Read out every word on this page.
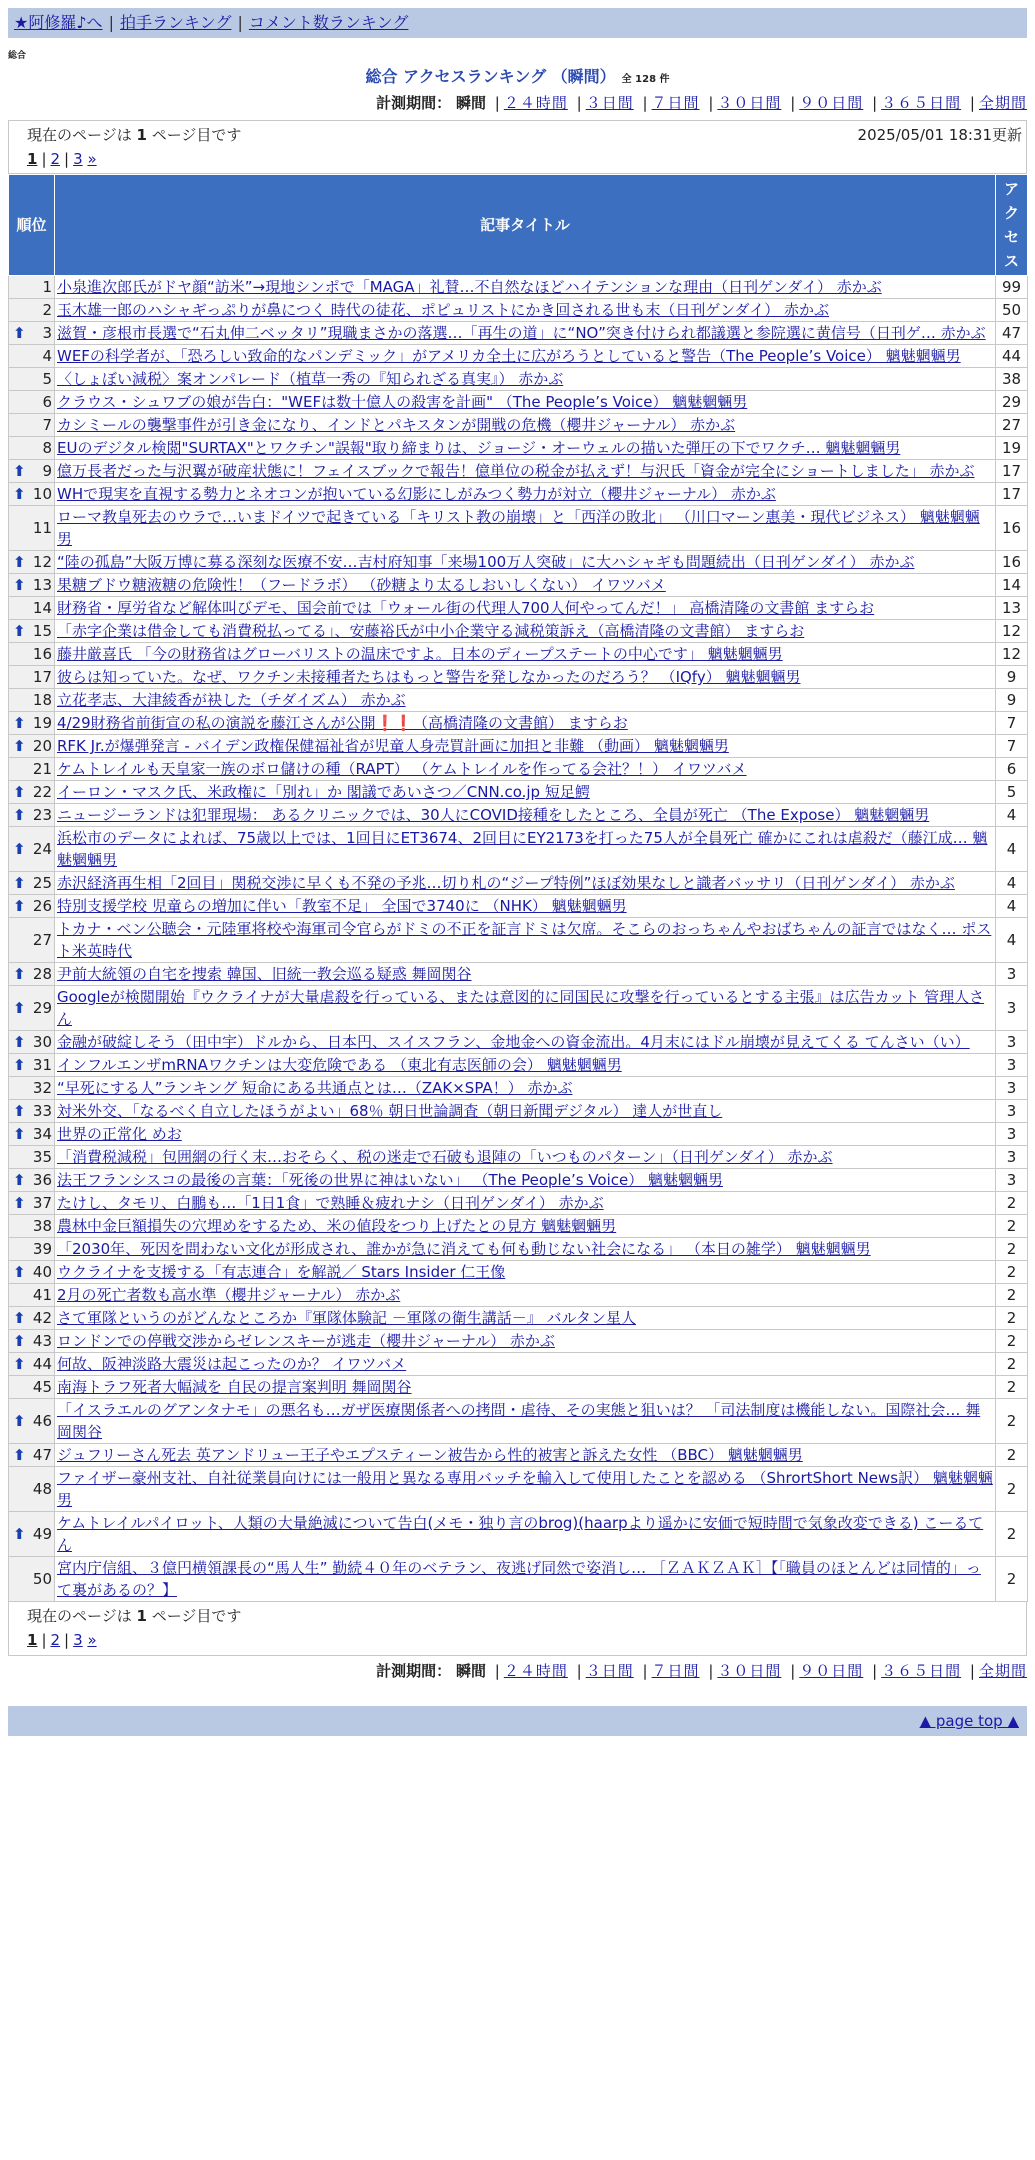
★阿修羅♪へ | 拍手ランキング | コメント数ランキング
総合
総合 アクセスランキング （瞬間） 全 128 件
計測期間： 瞬間 | ２４時間 | ３日間 | ７日間 | ３０日間 | ９０日間 | ３６５日間 | 全期間
現在のページは 1 ページ目です	2025/05/01 18:31更新
1 | 2 | 3 »
順位	記事タイトル	アクセス
1	小泉進次郎氏がドヤ顔“訪米”→現地シンポで「MAGA」礼賛…不自然なほどハイテンションな理由（日刊ゲンダイ） 赤かぶ	99
2	玉木雄一郎のハシャギっぷりが鼻につく 時代の徒花、ポピュリストにかき回される世も末（日刊ゲンダイ） 赤かぶ	50

⬆ 3	滋賀・彦根市長選で“石丸伸二ベッタリ”現職まさかの落選…「再生の道」に“NO”突き付けられ都議選と参院選に黄信号（日刊ゲ… 赤かぶ	47
4	WEFの科学者が、「恐ろしい致命的なパンデミック」がアメリカ全土に広がろうとしていると警告（The People’s Voice） 魑魅魍魎男	44
5	〈しょぼい減税〉案オンパレード（植草一秀の『知られざる真実』） 赤かぶ	38
6	クラウス・シュワブの娘が告白："WEFは数十億人の殺害を計画" （The People’s Voice） 魑魅魍魎男	29
7	カシミールの襲撃事件が引き金になり、インドとパキスタンが開戦の危機（櫻井ジャーナル） 赤かぶ	27
8	EUのデジタル検閲"SURTAX"とワクチン"誤報"取り締まりは、ジョージ・オーウェルの描いた弾圧の下でワクチ… 魑魅魍魎男	19

⬆ 9	億万長者だった与沢翼が破産状態に！フェイスブックで報告！億単位の税金が払えず！与沢氏「資金が完全にショートしました」 赤かぶ	17

⬆ 10	WHで現実を直視する勢力とネオコンが抱いている幻影にしがみつく勢力が対立（櫻井ジャーナル） 赤かぶ	17
11	ローマ教皇死去のウラで…いまドイツで起きている「キリスト教の崩壊」と「西洋の敗北」 （川口マーン惠美・現代ビジネス） 魑魅魍魎男	16

⬆ 12	“陸の孤島”大阪万博に募る深刻な医療不安…吉村府知事「来場100万人突破」に大ハシャギも問題続出（日刊ゲンダイ） 赤かぶ	16

⬆ 13	果糖ブドウ糖液糖の危険性！（フードラボ） （砂糖より太るしおいしくない） イワツバメ	14
14	財務省・厚労省など解体叫びデモ、国会前では「ウォール街の代理人700人何やってんだ！」 高橋清隆の文書館 ますらお	13

⬆ 15	「赤字企業は借金しても消費税払ってる」、安藤裕氏が中小企業守る減税策訴え（高橋清隆の文書館） ますらお	12
16	藤井厳喜氏 「今の財務省はグローバリストの温床ですよ。日本のディープステートの中心です」 魑魅魍魎男	12
17	彼らは知っていた。なぜ、ワクチン未接種者たちはもっと警告を発しなかったのだろう？ （IQfy） 魑魅魍魎男	9
18	立花孝志、大津綾香が袂した（チダイズム） 赤かぶ	9

⬆ 19	4/29財務省前街宣の私の演説を藤江さんが公開❗❗（高橋清隆の文書館） ますらお	7

⬆ 20	RFK Jr.が爆弾発言 - バイデン政権保健福祉省が児童人身売買計画に加担と非難 （動画） 魑魅魍魎男	7
21	ケムトレイルも天皇家一族のボロ儲けの種（RAPT） （ケムトレイルを作ってる会社？！） イワツバメ	6

⬆ 22	イーロン・マスク氏、米政権に「別れ」か 閣議であいさつ／CNN.co.jp 短足鰐	5

⬆ 23	ニュージーランドは犯罪現場： あるクリニックでは、30人にCOVID接種をしたところ、全員が死亡 （The Expose） 魑魅魍魎男	4

⬆ 24	浜松市のデータによれば、75歳以上では、1回目にET3674、2回目にEY2173を打った75人が全員死亡 確かにこれは虐殺だ（藤江成… 魑魅魍魎男	4

⬆ 25	赤沢経済再生相「2回目」関税交渉に早くも不発の予兆…切り札の“ジープ特例”ほぼ効果なしと識者バッサリ（日刊ゲンダイ） 赤かぶ	4

⬆ 26	特別支援学校 児童らの増加に伴い「教室不足」 全国で3740に （NHK） 魑魅魍魎男	4
27	トカナ・ベン公聴会・元陸軍将校や海軍司令官らがドミの不正を証言ドミは欠席。そこらのおっちゃんやおばちゃんの証言ではなく… ポスト米英時代	4

⬆ 28	尹前大統領の自宅を捜索 韓国、旧統一教会巡る疑惑 舞岡関谷	3

⬆ 29	Googleが検閲開始『ウクライナが大量虐殺を行っている、または意図的に同国民に攻撃を行っているとする主張』は広告カット 管理人さん	3

⬆ 30	金融が破綻しそう（田中宇）ドルから、日本円、スイスフラン、金地金への資金流出。4月末にはドル崩壊が見えてくる てんさい（い）	3

⬆ 31	インフルエンザmRNAワクチンは大変危険である （東北有志医師の会） 魑魅魍魎男	3
32	“早死にする人”ランキング 短命にある共通点とは…（ZAK×SPA！） 赤かぶ	3

⬆ 33	対米外交、「なるべく自立したほうがよい」68％ 朝日世論調査（朝日新聞デジタル） 達人が世直し	3

⬆ 34	世界の正常化 めお	3
35	「消費税減税」包囲網の行く末…おそらく、税の迷走で石破も退陣の「いつものパターン」（日刊ゲンダイ） 赤かぶ	3

⬆ 36	法王フランシスコの最後の言葉：「死後の世界に神はいない」 （The People’s Voice） 魑魅魍魎男	3

⬆ 37	たけし、タモリ、白鵬も…「1日1食」で熟睡＆疲れナシ（日刊ゲンダイ） 赤かぶ	2
38	農林中金巨額損失の穴埋めをするため、米の値段をつり上げたとの見方 魑魅魍魎男	2
39	「2030年、死因を問わない文化が形成され、誰かが急に消えても何も動じない社会になる」 （本日の雑学） 魑魅魍魎男	2

⬆ 40	ウクライナを支援する「有志連合」を解説／ Stars Insider 仁王像	2
41	2月の死亡者数も高水準（櫻井ジャーナル） 赤かぶ	2

⬆ 42	さて軍隊というのがどんなところか『軍隊体験記 －軍隊の衛生講話－』 バルタン星人	2

⬆ 43	ロンドンでの停戦交渉からゼレンスキーが逃走（櫻井ジャーナル） 赤かぶ	2

⬆ 44	何故、阪神淡路大震災は起こったのか？ イワツバメ	2
45	南海トラフ死者大幅減を 自民の提言案判明 舞岡関谷	2

⬆ 46	「イスラエルのグアンタナモ」の悪名も…ガザ医療関係者への拷問・虐待、その実態と狙いは？ 「司法制度は機能しない。国際社会… 舞岡関谷	2

⬆ 47	ジュフリーさん死去 英アンドリュー王子やエプスティーン被告から性的被害と訴えた女性 （BBC） 魑魅魍魎男	2
48	ファイザー豪州支社、自社従業員向けには一般用と異なる専用バッチを輸入して使用したことを認める （ShrortShort News訳） 魑魅魍魎男	2

⬆ 49	ケムトレイルパイロット、人類の大量絶滅について告白(メモ・独り言のbrog)(haarpより遥かに安価で短時間で気象改変できる) こーるてん	2
50	宮内庁信組、３億円横領課長の“馬人生” 勤続４０年のベテラン、夜逃げ同然で姿消し… ［ＺＡＫＺＡＫ］【「職員のほとんどは同情的」って裏があるの？】	2
現在のページは 1 ページ目です
1 | 2 | 3 »
計測期間： 瞬間 | ２４時間 | ３日間 | ７日間 | ３０日間 | ９０日間 | ３６５日間 | 全期間
▲ page top ▲
